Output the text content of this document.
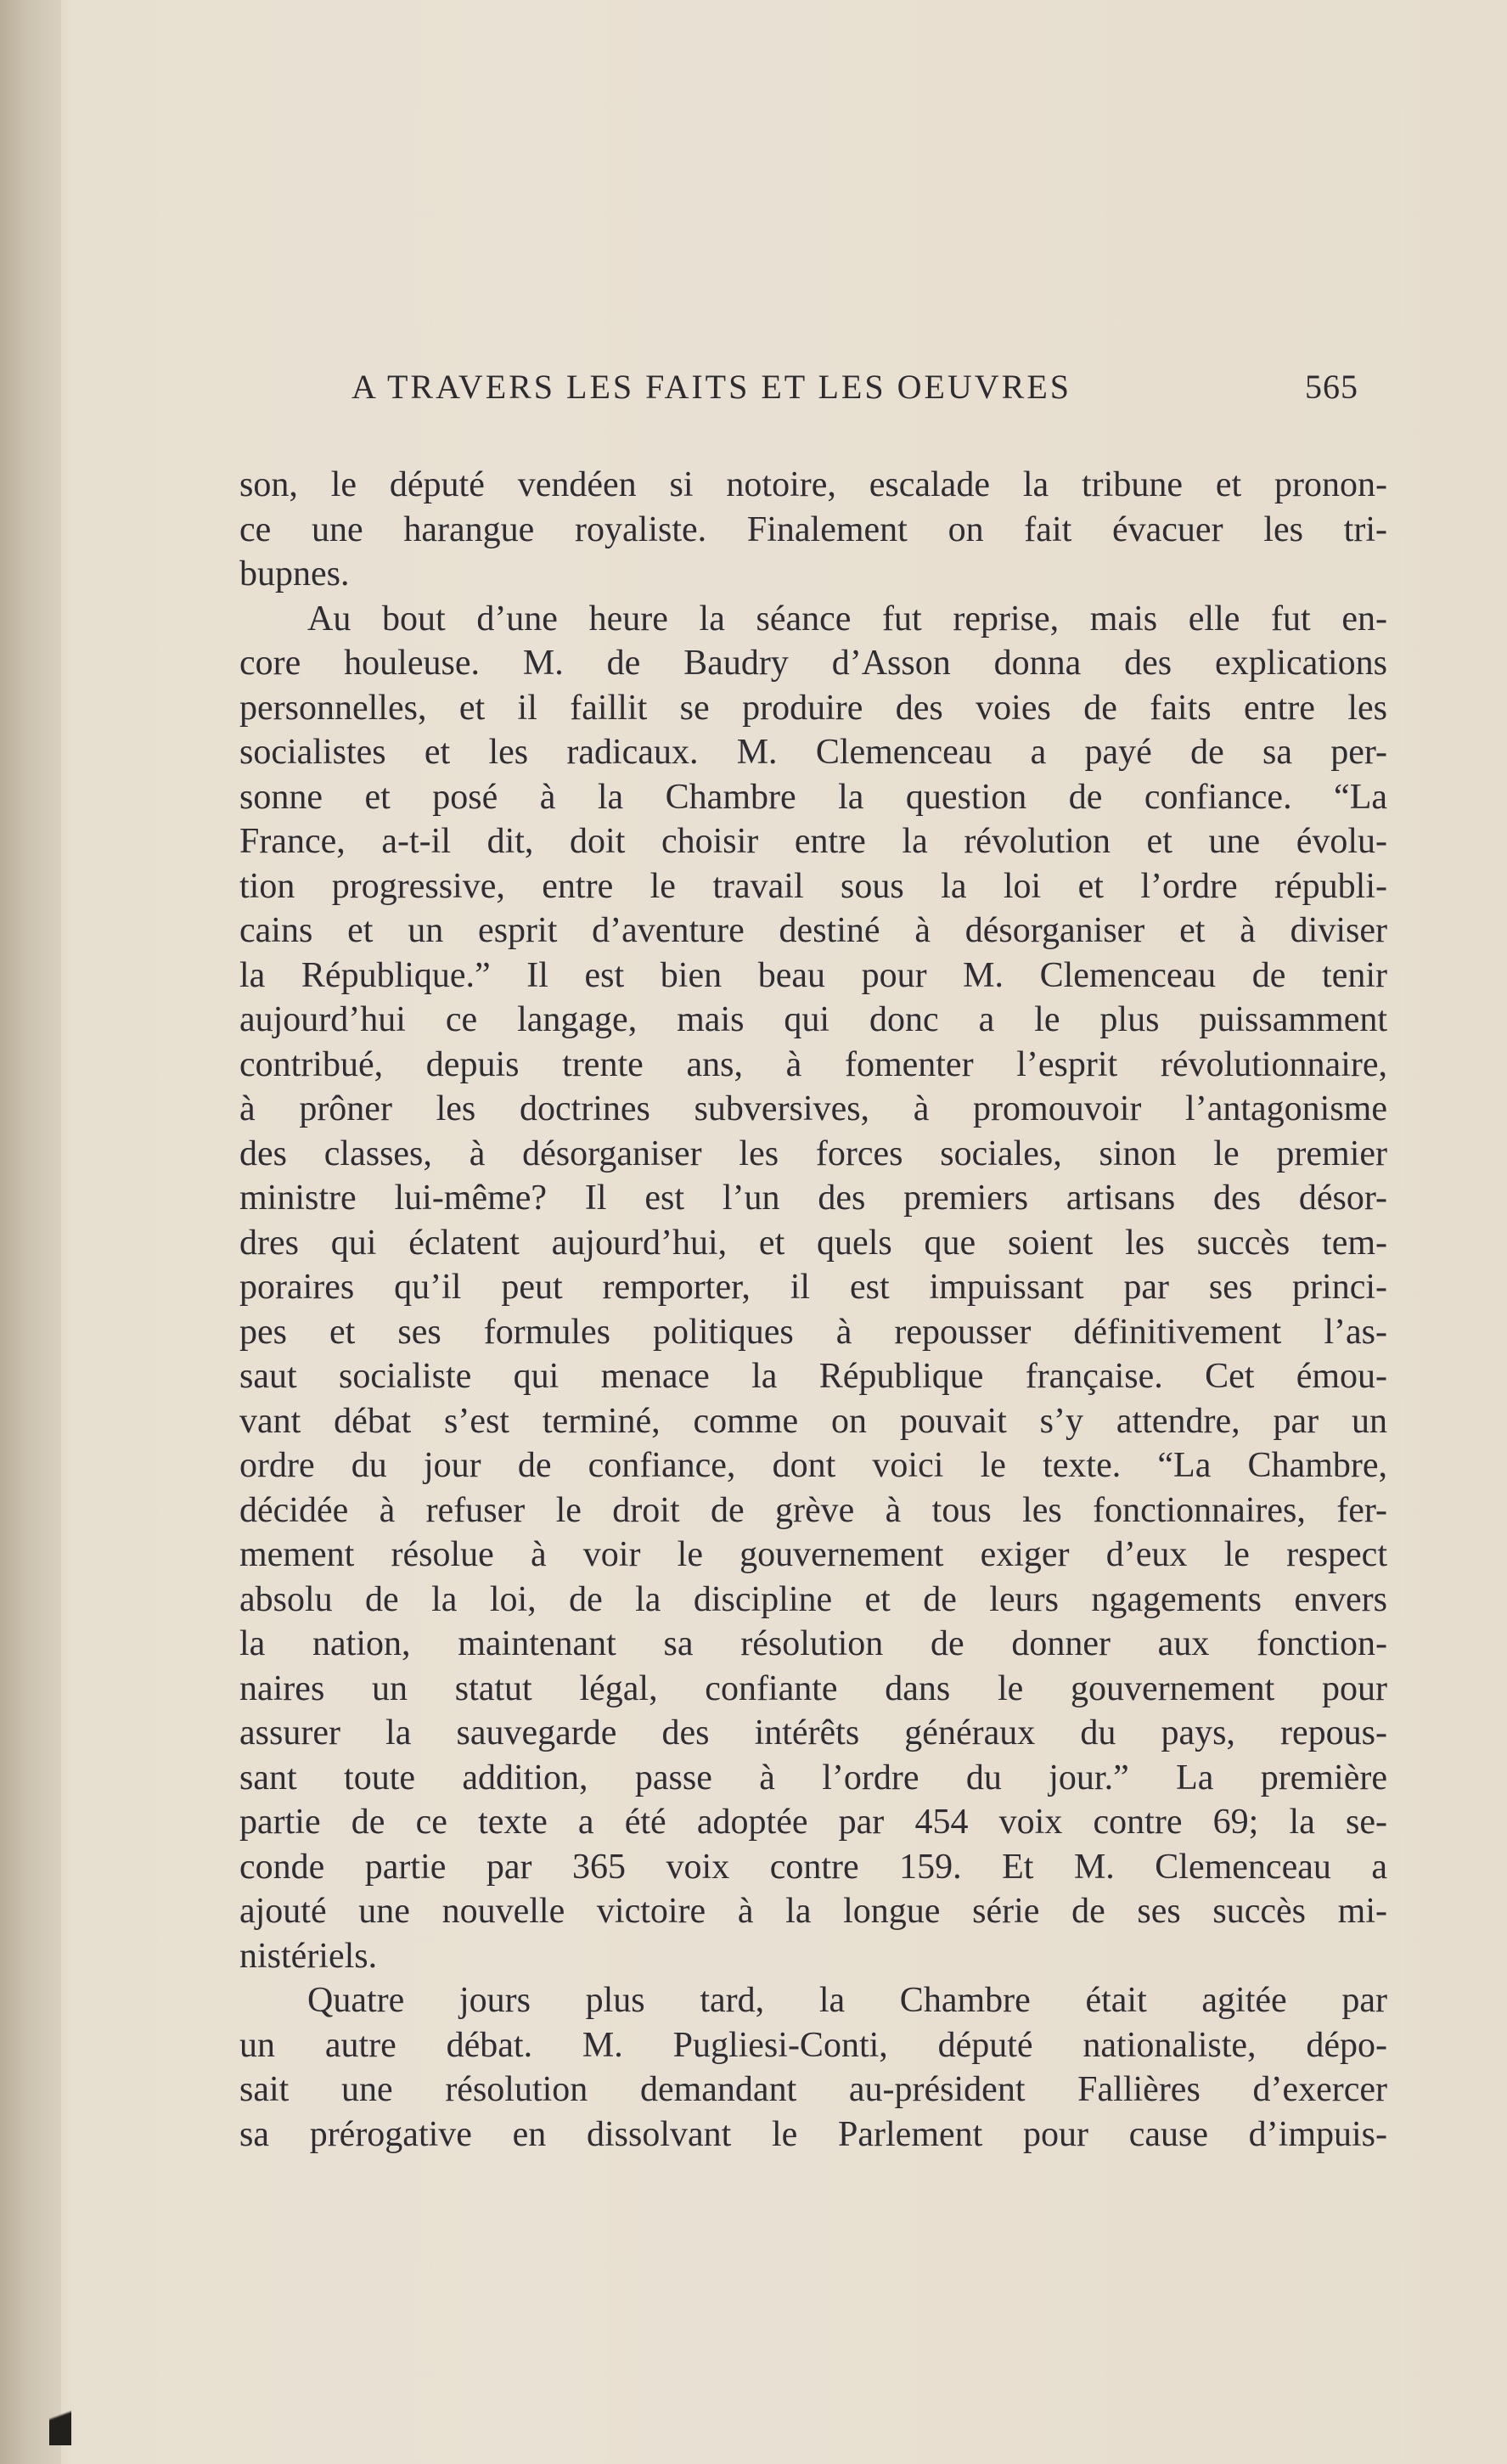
A TRAVERS LES FAITS ET LES OEUVRES	565
son, le député vendéen si notoire, escalade la tribune et pronon-
ce une harangue royaliste. Finalement on fait évacuer les tri-
bupnes.
Au bout d’une heure la séance fut reprise, mais elle fut en-
core houleuse. M. de Baudry d’Asson donna des explications
personnelles, et il faillit se produire des voies de faits entre les
socialistes et les radicaux. M. Clemenceau a payé de sa per-
sonne et posé à la Chambre la question de confiance. “La
France, a-t-il dit, doit choisir entre la révolution et une évolu-
tion progressive, entre le travail sous la loi et l’ordre républi-
cains et un esprit d’aventure destiné à désorganiser et à diviser
la République.” Il est bien beau pour M. Clemenceau de tenir
aujourd’hui ce langage, mais qui donc a le plus puissamment
contribué, depuis trente ans, à fomenter l’esprit révolutionnaire,
à prôner les doctrines subversives, à promouvoir l’antagonisme
des classes, à désorganiser les forces sociales, sinon le premier
ministre lui-même? Il est l’un des premiers artisans des désor-
dres qui éclatent aujourd’hui, et quels que soient les succès tem-
poraires qu’il peut remporter, il est impuissant par ses princi-
pes et ses formules politiques à repousser définitivement l’as-
saut socialiste qui menace la République française. Cet émou-
vant débat s’est terminé, comme on pouvait s’y attendre, par un
ordre du jour de confiance, dont voici le texte. “La Chambre,
décidée à refuser le droit de grève à tous les fonctionnaires, fer-
mement résolue à voir le gouvernement exiger d’eux le respect
absolu de la loi, de la discipline et de leurs ngagements envers
la nation, maintenant sa résolution de donner aux fonction-
naires un statut légal, confiante dans le gouvernement pour
assurer la sauvegarde des intérêts généraux du pays, repous-
sant toute addition, passe à l’ordre du jour.” La première
partie de ce texte a été adoptée par 454 voix contre 69; la se-
conde partie par 365 voix contre 159. Et M. Clemenceau a
ajouté une nouvelle victoire à la longue série de ses succès mi-
nistériels.
Quatre jours plus tard, la Chambre était agitée par
un autre débat. M. Pugliesi-Conti, député nationaliste, dépo-
sait une résolution demandant au-président Fallières d’exercer
sa prérogative en dissolvant le Parlement pour cause d’impuis-
